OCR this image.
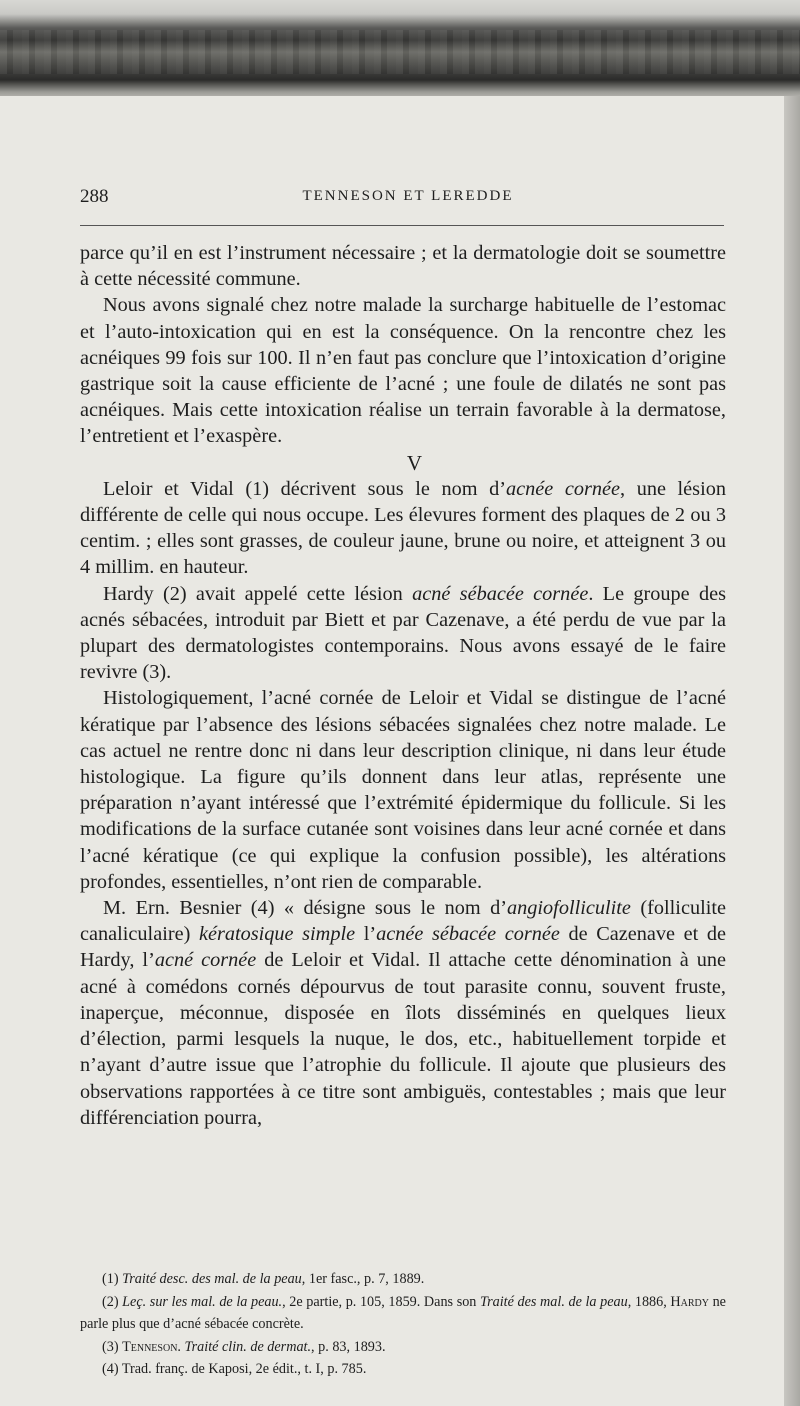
288	TENNESON ET LEREDDE

parce qu’il en est l’instrument nécessaire ; et la dermatologie doit se soumettre à cette nécessité commune.

Nous avons signalé chez notre malade la surcharge habituelle de l’estomac et l’auto-intoxication qui en est la conséquence. On la rencontre chez les acnéiques 99 fois sur 100. Il n’en faut pas conclure que l’intoxication d’origine gastrique soit la cause efficiente de l’acné ; une foule de dilatés ne sont pas acnéiques. Mais cette intoxication réalise un terrain favorable à la dermatose, l’entretient et l’exaspère.

V

Leloir et Vidal (1) décrivent sous le nom d’acnée cornée, une lésion différente de celle qui nous occupe. Les élevures forment des plaques de 2 ou 3 centim. ; elles sont grasses, de couleur jaune, brune ou noire, et atteignent 3 ou 4 millim. en hauteur.

Hardy (2) avait appelé cette lésion acné sébacée cornée. Le groupe des acnés sébacées, introduit par Biett et par Cazenave, a été perdu de vue par la plupart des dermatologistes contemporains. Nous avons essayé de le faire revivre (3).

Histologiquement, l’acné cornée de Leloir et Vidal se distingue de l’acné kératique par l’absence des lésions sébacées signalées chez notre malade. Le cas actuel ne rentre donc ni dans leur description clinique, ni dans leur étude histologique. La figure qu’ils donnent dans leur atlas, représente une préparation n’ayant intéressé que l’extrémité épidermique du follicule. Si les modifications de la surface cutanée sont voisines dans leur acné cornée et dans l’acné kératique (ce qui explique la confusion possible), les altérations profondes, essentielles, n’ont rien de comparable.

M. Ern. Besnier (4) « désigne sous le nom d’angiofolliculite (folliculite canaliculaire) kératosique simple l’acnée sébacée cornée de Cazenave et de Hardy, l’acné cornée de Leloir et Vidal. Il attache cette dénomination à une acné à comédons cornés dépourvus de tout parasite connu, souvent fruste, inaperçue, méconnue, disposée en îlots disséminés en quelques lieux d’élection, parmi lesquels la nuque, le dos, etc., habituellement torpide et n’ayant d’autre issue que l’atrophie du follicule. Il ajoute que plusieurs des observations rapportées à ce titre sont ambiguës, contestables ; mais que leur différenciation pourra,

(1) Traité desc. des mal. de la peau, 1er fasc., p. 7, 1889.

(2) Leç. sur les mal. de la peau., 2e partie, p. 105, 1859. Dans son Traité des mal. de la peau, 1886, Hardy ne parle plus que d’acné sébacée concrète.

(3) Tenneson. Traité clin. de dermat., p. 83, 1893.

(4) Trad. franç. de Kaposi, 2e édit., t. I, p. 785.
